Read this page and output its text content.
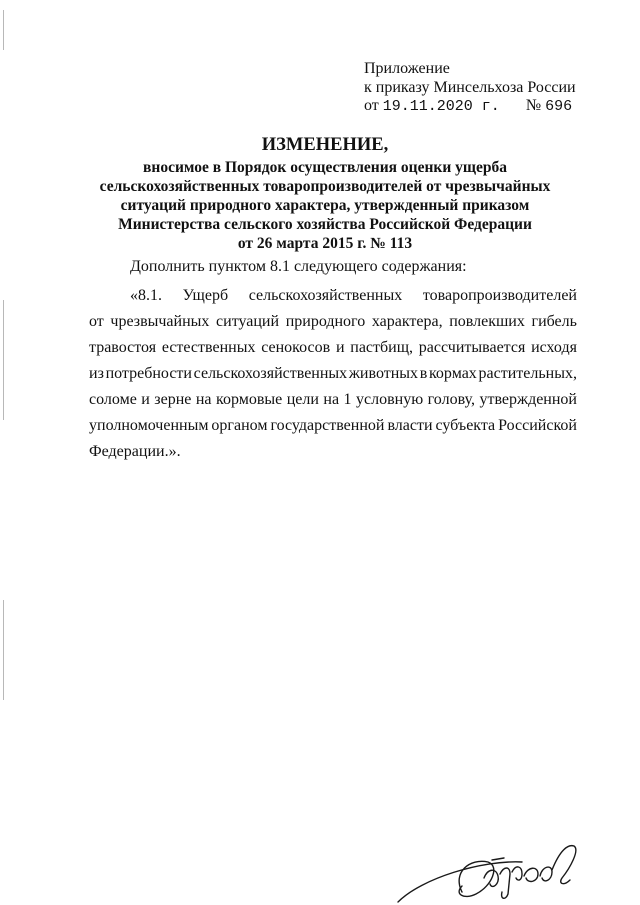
Приложение
к приказу Минсельхоза России
от 19.11.2020 г. № 696
ИЗМЕНЕНИЕ,
вносимое в Порядок осуществления оценки ущерба
сельскохозяйственных товаропроизводителей от чрезвычайных
ситуаций природного характера, утвержденный приказом
Министерства сельского хозяйства Российской Федерации
от 26 марта 2015 г. № 113
Дополнить пунктом 8.1 следующего содержания:
«8.1. Ущерб сельскохозяйственных товаропроизводителей
от чрезвычайных ситуаций природного характера, повлекших гибель
травостоя естественных сенокосов и пастбищ, рассчитывается исходя
из потребности сельскохозяйственных животных в кормах растительных,
соломе и зерне на кормовые цели на 1 условную голову, утвержденной
уполномоченным органом государственной власти субъекта Российской
Федерации.».
